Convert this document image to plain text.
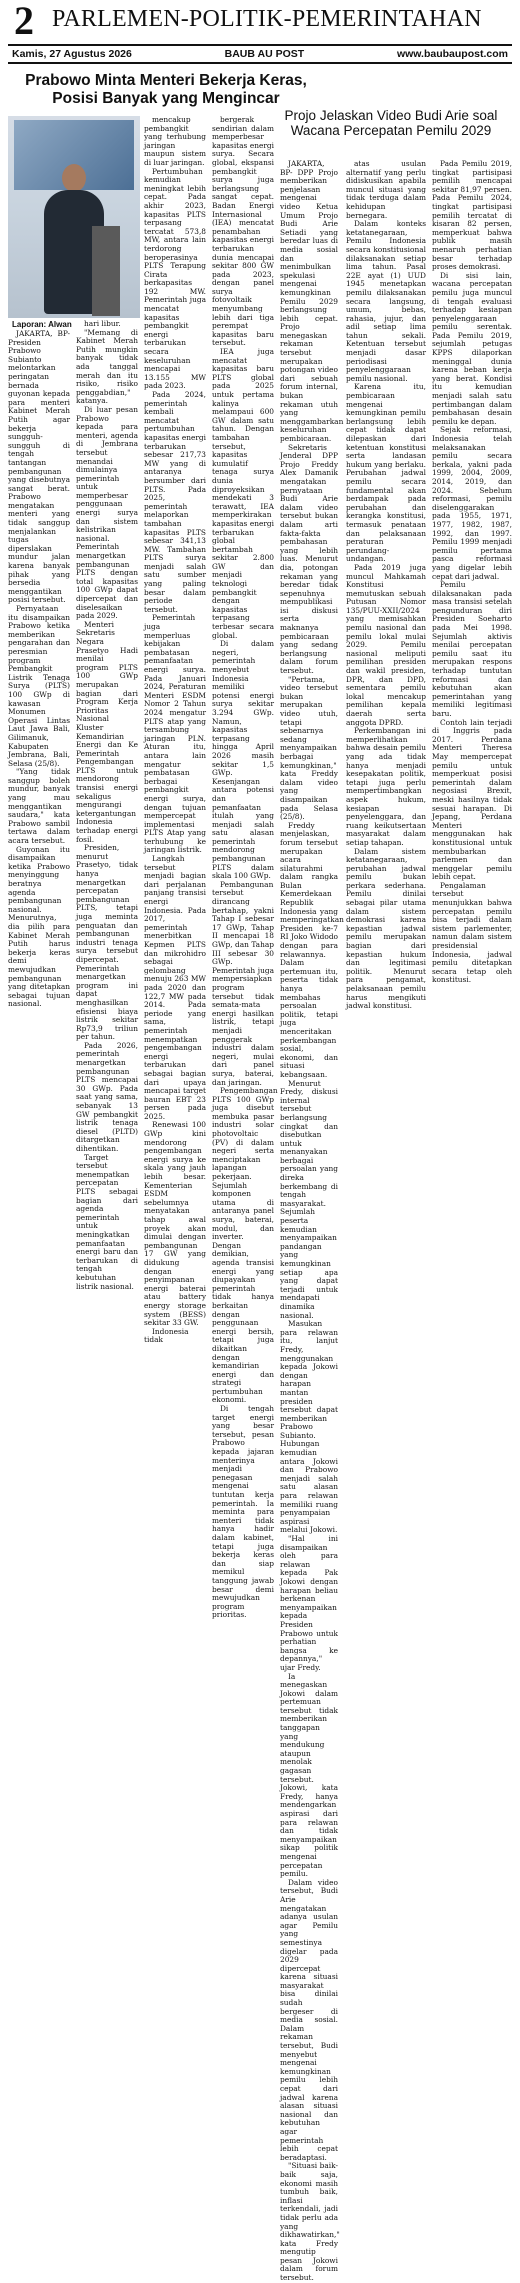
2 PARLEMEN-POLITIK-PEMERINTAHAN
Kamis, 27 Agustus 2026	BAUB AU POST	www.baubaupost.com
Prabowo Minta Menteri Bekerja Keras, Posisi Banyak yang Mengincar
Laporan: Alwan

JAKARTA, BP- Presiden Prabowo Subianto melontarkan peringatan bernada guyonan kepada para menteri Kabinet Merah Putih agar bekerja sungguh-sungguh di tengah tantangan pembangunan yang disebutnya sangat berat. Prabowo mengatakan menteri yang tidak sanggup menjalankan tugas diperslakan mundur jalan karena banyak pihak yang bersedia menggantikan posisi tersebut.

Pernyataan itu disampaikan Prabowo ketika memberikan pengarahan dan peresmian program Pembangkit Listrik Tenaga Surya (PLTS) 100 GWp di kawasan Monumen Operasi Lintas Laut Jawa Bali, Gilimanuk, Kabupaten Jembrana, Bali, Selasa (25/8).

"Yang tidak sanggup boleh mundur, banyak yang mau menggantikan saudara," kata Prabowo sambil tertawa dalam acara tersebut.

Guyonan itu disampaikan ketika Prabowo menyinggung beratnya agenda pembangunan nasional. Menurutnya, dia pilih para Kabinet Merah Putih harus bekerja keras demi mewujudkan pembangunan yang ditetapkan sebagai tujuan nasional.

hari libur.

"Memang di Kabinet Merah Putih mungkin banyak tidak ada tanggal merah dan itu risiko, risiko penggabdian," katanya.

Di luar pesan Prabowo kepada para menteri, agenda di Jembrana tersebut menandai dimulainya pemerintah untuk memperbesar penggunaan energi surya dan sistem kelistrikan nasional. Pemerintah menargetkan pembangunan PLTS dengan total kapasitas 100 GWp dapat dipercepat dan diselesaikan pada 2029.

Menteri Sekretaris Negara Prasetyo Hadi menilai program PLTS 100 GWp merupakan bagian dari Program Kerja Prioritas Nasional Kluster Kemandirian Energi dan Ke Pemerintah Pengembangan PLTS untuk mendorong transisi energi sekaligus mengurangi ketergantungan Indonesia terhadap energi fosil.

Presiden, menurut Prasetyo, tidak hanya menargetkan percepatan pembangunan PLTS, tetapi juga meminta penguatan dan pembangunan industri tenaga surya tersebut dipercepat. Pemerintah menargetkan program ini dapat menghasilkan efisiensi biaya listrik sekitar Rp73,9 triliun per tahun.

Pada 2026, pemerintah menargetkan pembangunan PLTS mencapai 30 GWp. Pada saat yang sama, sebanyak 13 GW pembangkit listrik tenaga diesel (PLTD) ditargetkan dihentikan.

Target tersebut menempatkan percepatan PLTS sebagai bagian dari agenda pemerintah untuk meningkatkan pemanfaatan energi baru dan terbarukan di tengah kebutuhan listrik nasional.

mencakup pembangkit yang terhubung jaringan maupun sistem di luar jaringan.

Pertumbuhan kemudian meningkat lebih cepat. Pada akhir 2023, kapasitas PLTS terpasang tercatat 573,8 MW, antara lain terdorong beroperasinya PLTS Terapung Cirata berkapasitas 192 MW. Pemerintah juga mencatat kapasitas pembangkit energi terbarukan secara keseluruhan mencapai 13.155 MW pada 2023.

Pada 2024, pemerintah kembali mencatat pertumbuhan kapasitas energi terbarukan sebesar 217,73 MW yang di antaranya bersumber dari PLTS. Pada 2025, pemerintah melaporkan tambahan kapasitas PLTS sebesar 341,13 MW. Tambahan PLTS surya menjadi salah satu sumber yang paling besar dalam periode tersebut.

Pemerintah juga memperluas kebijakan pembatasan pemanfaatan energi surya. Pada Januari 2024, Peraturan Menteri ESDM Nomor 2 Tahun 2024 mengatur PLTS atap yang tersambung jaringan PLN. Aturan itu, antara lain mengatur pembatasan berbagai pembangkit energi surya, dengan tujuan mempercepat implementasi PLTS Atap yang terhubung ke jaringan listrik.

Langkah tersebut menjadi bagian dari perjalanan panjang transisi energi Indonesia. Pada 2017, pemerintah menerbitkan Kepmen PLTS dan mikrohidro sebagai gelombang menuju 263 MW pada 2020 dan 122,7 MW pada 2014. Pada periode yang sama, pemerintah menempatkan pengembangan energi terbarukan sebagai bagian dari upaya mencapai target bauran EBT 23 persen pada 2025.

Renewasi 100 GWp kini mendorong pengembangan energi surya ke skala yang jauh lebih besar. Kementerian ESDM sebelumnya menyatakan tahap awal proyek akan dimulai dengan pembangunan 17 GW yang didukung dengan penyimpanan energi baterai atau battery energy storage system (BESS) sekitar 33 GW.

Indonesia tidak

bergerak sendirian dalam memperbesar kapasitas energi surya. Secara global, ekspansi pembangkit surya juga berlangsung sangat cepat. Badan Energi Internasional (IEA) mencatat penambahan kapasitas energi terbarukan dunia mencapai sekitar 800 GW pada 2023, dengan panel surya fotovoltaik menyumbang lebih dari tiga perempat kapasitas baru tersebut.

IEA juga mencatat kapasitas baru PLTS global pada 2025 untuk pertama kalinya melampaui 600 GW dalam satu tahun. Dengan tambahan tersebut, kapasitas kumulatif tenaga surya dunia diproyeksikan mendekati 3 terawatt, IEA memperkirakan kapasitas energi terbarukan global bertambah sekitar 2.800 GW dan menjadi teknologi pembangkit dengan kapasitas terpasang terbesar secara global.

Di dalam negeri, pemerintah menyebut Indonesia memiliki potensi energi surya sekitar 3.294 GWp. Namun, kapasitas terpasang hingga April 2026 masih sekitar 1,5 GWp. Kesenjangan antara potensi dan pemanfaatan itulah yang menjadi salah satu alasan pemerintah mendorong pembangunan PLTS dalam skala 100 GWp.

Pembangunan tersebut dirancang bertahap, yakni Tahap I sebesar 17 GWp, Tahap II mencapai 18 GWp, dan Tahap III sebesar 30 GWp. Pemerintah juga mempersiapkan program tersebut tidak semata-mata energi hasilkan listrik, tetapi menjadi penggerak industri dalam negeri, mulai dari panel surya, baterai, dan jaringan.

Pengembangan PLTS 100 GWp juga disebut membuka pasar industri solar photovoltaic (PV) di dalam negeri serta menciptakan lapangan pekerjaan. Sejumlah komponen utama di antaranya panel surya, baterai, modul, dan inverter. Dengan demikian, agenda transisi energi yang diupayakan pemerintah tidak hanya berkaitan dengan penggunaan energi bersih, tetapi juga dikaitkan dengan kemandirian energi dan strategi pertumbuhan ekonomi.

Di tengah target energi yang besar tersebut, pesan Prabowo kepada jajaran menterinya menjadi penegasan mengenai tuntutan kerja pemerintah. Ia meminta para menteri tidak hanya hadir dalam kabinet, tetapi juga bekerja keras dan siap memikul tanggung jawab besar demi mewujudkan program prioritas.

Projo Jelaskan Video Budi Arie soal Wacana Percepatan Pemilu 2029

JAKARTA, BP- DPP Projo memberikan penjelasan mengenai video Ketua Umum Projo Budi Arie Setiadi yang beredar luas di media sosial dan menimbulkan spekulasi mengenai kemungkinan Pemilu 2029 berlangsung lebih cepat. Projo menegaskan rekaman tersebut merupakan potongan video dari sebuah forum internal, bukan rekaman utuh yang menggambarkan keseluruhan pembicaraan.

Sekretaris Jenderal DPP Projo Freddy Alex Damanik mengatakan pernyataan Budi Arie dalam video tersebut bukan dalam arti fakta-fakta pembahasan yang lebih luas. Menurut dia, potongan rekaman yang beredar tidak sepenuhnya mempublikasi isi diskusi serta maknanya pembicaraan yang sedang berlangsung dalam forum tersebut.

"Pertama, video tersebut bukan merupakan video utuh, tetapi sebenarnya sedang menyampaikan berbagai kemungkinan," kata Freddy dalam video yang disampaikan pada Selasa (25/8).

Freddy menjelaskan, forum tersebut merupakan acara silaturahmi dalam rangka Bulan Kemerdekaan Republik Indonesia yang memperingatkan Presiden ke-7 RI Joko Widodo dengan para relawannya. Dalam pertemuan itu, peserta tidak hanya membahas persoalan politik, tetapi juga menceritakan perkembangan sosial, ekonomi, dan situasi kebangsaan.

Menurut Fredy, diskusi internal tersebut berlangsung cingkat dan disebutkan untuk menanyakan berbagai persoalan yang direka berkembang di tengah masyarakat. Sejumlah peserta kemudian menyampaikan pandangan yang kemungkinan setiap apa yang dapat terjadi untuk mendapati dinamika nasional.

Masukan para relawan itu, lanjut Fredy, menggunakan kepada Jokowi dengan harapan mantan presiden tersebut dapat memberikan Prabowo Subianto. Hubungan kemudian antara Jokowi dan Prabowo menjadi salah satu alasan para relawan memiliki ruang penyampaian aspirasi melalui Jokowi.

"Hal ini disampaikan oleh para relawan kepada Pak Jokowi dengan harapan beliau berkenan menyampaikan kepada Presiden Prabowo untuk perhatian bangsa ke depannya," ujar Fredy.

Ia menegaskan Jokowi dalam pertemuan tersebut tidak memberikan tanggapan yang mendukung ataupun menolak gagasan tersebut. Jokowi, kata Fredy, hanya mendengarkan aspirasi dari para relawan dan tidak menyampaikan sikap politik mengenai percepatan pemilu.

Dalam video tersebut, Budi Arie mengatakan adanya usulan agar Pemilu yang semestinya digelar pada 2029 dipercepat karena situasi masyarakat bisa dinilai sudah bergeser di media sosial. Dalam rekaman tersebut, Budi menyebut mengenai kemungkinan pemilu lebih cepat dari jadwal karena alasan situasi nasional dan kebutuhan agar pemerintah lebih cepat beradaptasi.

"Situasi baik-baik saja, ekonomi masih tumbuh baik, inflasi terkendali, jadi tidak perlu ada yang dikhawatirkan," kata Fredy mengutip pesan Jokowi dalam forum tersebut.

atas usulan alternatif yang perlu didiskusikan apabila muncul situasi yang tidak terduga dalam kehidupan bernegara.

Dalam konteks ketatanegaraan, Pemilu Indonesia secara konstitusional dilaksanakan setiap lima tahun. Pasal 22E ayat (1) UUD 1945 menetapkan pemilu dilaksanakan secara langsung, umum, bebas, rahasia, jujur, dan adil setiap lima tahun sekali. Ketentuan tersebut menjadi dasar periodisasi penyelenggaraan pemilu nasional.

Karena itu, pembicaraan mengenai kemungkinan pemilu berlangsung lebih cepat tidak dapat dilepaskan dari ketentuan konstitusi serta landasan hukum yang berlaku. Perubahan jadwal pemilu secara fundamental akan berdampak pada perubahan dan kerangka konstitusi, termasuk penataan dan pelaksanaan peraturan perundang-undangan.

Pada 2019 juga muncul Mahkamah Konstitusi memutuskan sebuah Putusan Nomor 135/PUU-XXII/2024 yang memisahkan pemilu nasional dan pemilu lokal mulai 2029. Pemilu nasional meliputi pemilihan presiden dan wakil presiden, DPR, dan DPD, sementara pemilu lokal mencakup pemilihan kepala daerah serta anggota DPRD.

Perkembangan ini memperlihatkan bahwa desain pemilu yang ada tidak hanya menjadi kesepakatan politik, tetapi juga perlu mempertimbangkan aspek hukum, kesiapan penyelenggara, dan ruang keikutsertaan masyarakat dalam setiap tahapan.

Dalam sistem ketatanegaraan, perubahan jadwal pemilu bukan perkara sederhana. Pemilu dinilai sebagai pilar utama dalam sistem demokrasi karena kepastian jadwal pemilu merupakan bagian dari kepastian hukum dan legitimasi politik. Menurut para pengamat, pelaksanaan pemilu harus mengikuti jadwal konstitusi.

Pada Pemilu 2019, tingkat partisipasi pemilih mencapai sekitar 81,97 persen. Pada Pemilu 2024, tingkat partisipasi pemilih tercatat di kisaran 82 persen, memperkuat bahwa publik masih menaruh perhatian besar terhadap proses demokrasi.

Di sisi lain, wacana percepatan pemilu juga muncul di tengah evaluasi terhadap kesiapan penyelenggaraan pemilu serentak. Pada Pemilu 2019, sejumlah petugas KPPS dilaporkan meninggal dunia karena beban kerja yang berat. Kondisi itu kemudian menjadi salah satu pertimbangan dalam pembahasan desain pemilu ke depan.

Sejak reformasi, Indonesia telah melaksanakan pemilu secara berkala, yakni pada 1999, 2004, 2009, 2014, 2019, dan 2024. Sebelum reformasi, pemilu diselenggarakan pada 1955, 1971, 1977, 1982, 1987, 1992, dan 1997. Pemilu 1999 menjadi pemilu pertama pasca reformasi yang digelar lebih cepat dari jadwal.

Pemilu dilaksanakan pada masa transisi setelah pengunduran diri Presiden Soeharto pada Mei 1998. Sejumlah aktivis menilai percepatan pemilu saat itu merupakan respons terhadap tuntutan reformasi dan kebutuhan akan pemerintahan yang memiliki legitimasi baru.

Contoh lain terjadi di Inggris pada 2017. Perdana Menteri Theresa May mempercepat pemilu untuk memperkuat posisi pemerintah dalam negosiasi Brexit, meski hasilnya tidak sesuai harapan. Di Jepang, Perdana Menteri menggunakan hak konstitusional untuk membubarkan parlemen dan menggelar pemilu lebih cepat.

Pengalaman tersebut menunjukkan bahwa percepatan pemilu bisa terjadi dalam sistem parlementer, namun dalam sistem presidensial Indonesia, jadwal pemilu ditetapkan secara tetap oleh konstitusi.
